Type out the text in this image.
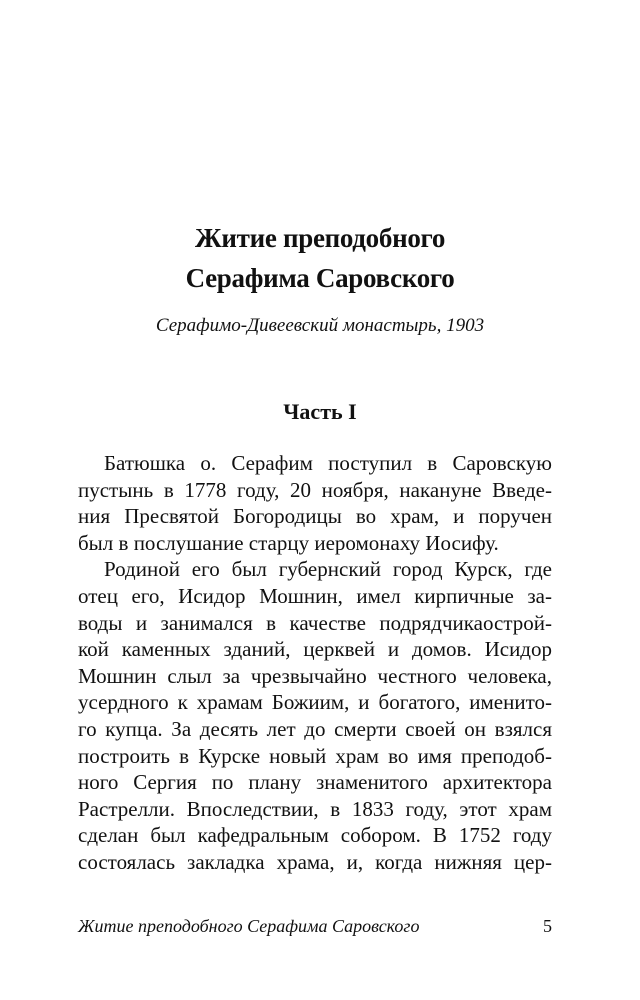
Житие преподобного
Серафима Саровского
Серафимо-Дивеевский монастырь, 1903
Часть I
Батюшка о. Серафим поступил в Саровскую
пустынь в 1778 году, 20 ноября, накануне Введе-
ния Пресвятой Богородицы во храм, и поручен
был в послушание старцу иеромонаху Иосифу.
Родиной его был губернский город Курск, где
отец его, Исидор Мошнин, имел кирпичные за-
воды и занимался в качестве подрядчикаострой-
кой каменных зданий, церквей и домов. Исидор
Мошнин слыл за чрезвычайно честного человека,
усердного к храмам Божиим, и богатого, именито-
го купца. За десять лет до смерти своей он взялся
построить в Курске новый храм во имя преподоб-
ного Сергия по плану знаменитого архитектора
Растрелли. Впоследствии, в 1833 году, этот храм
сделан был кафедральным собором. В 1752 году
состоялась закладка храма, и, когда нижняя цер-
Житие преподобного Серафима Саровского	5
